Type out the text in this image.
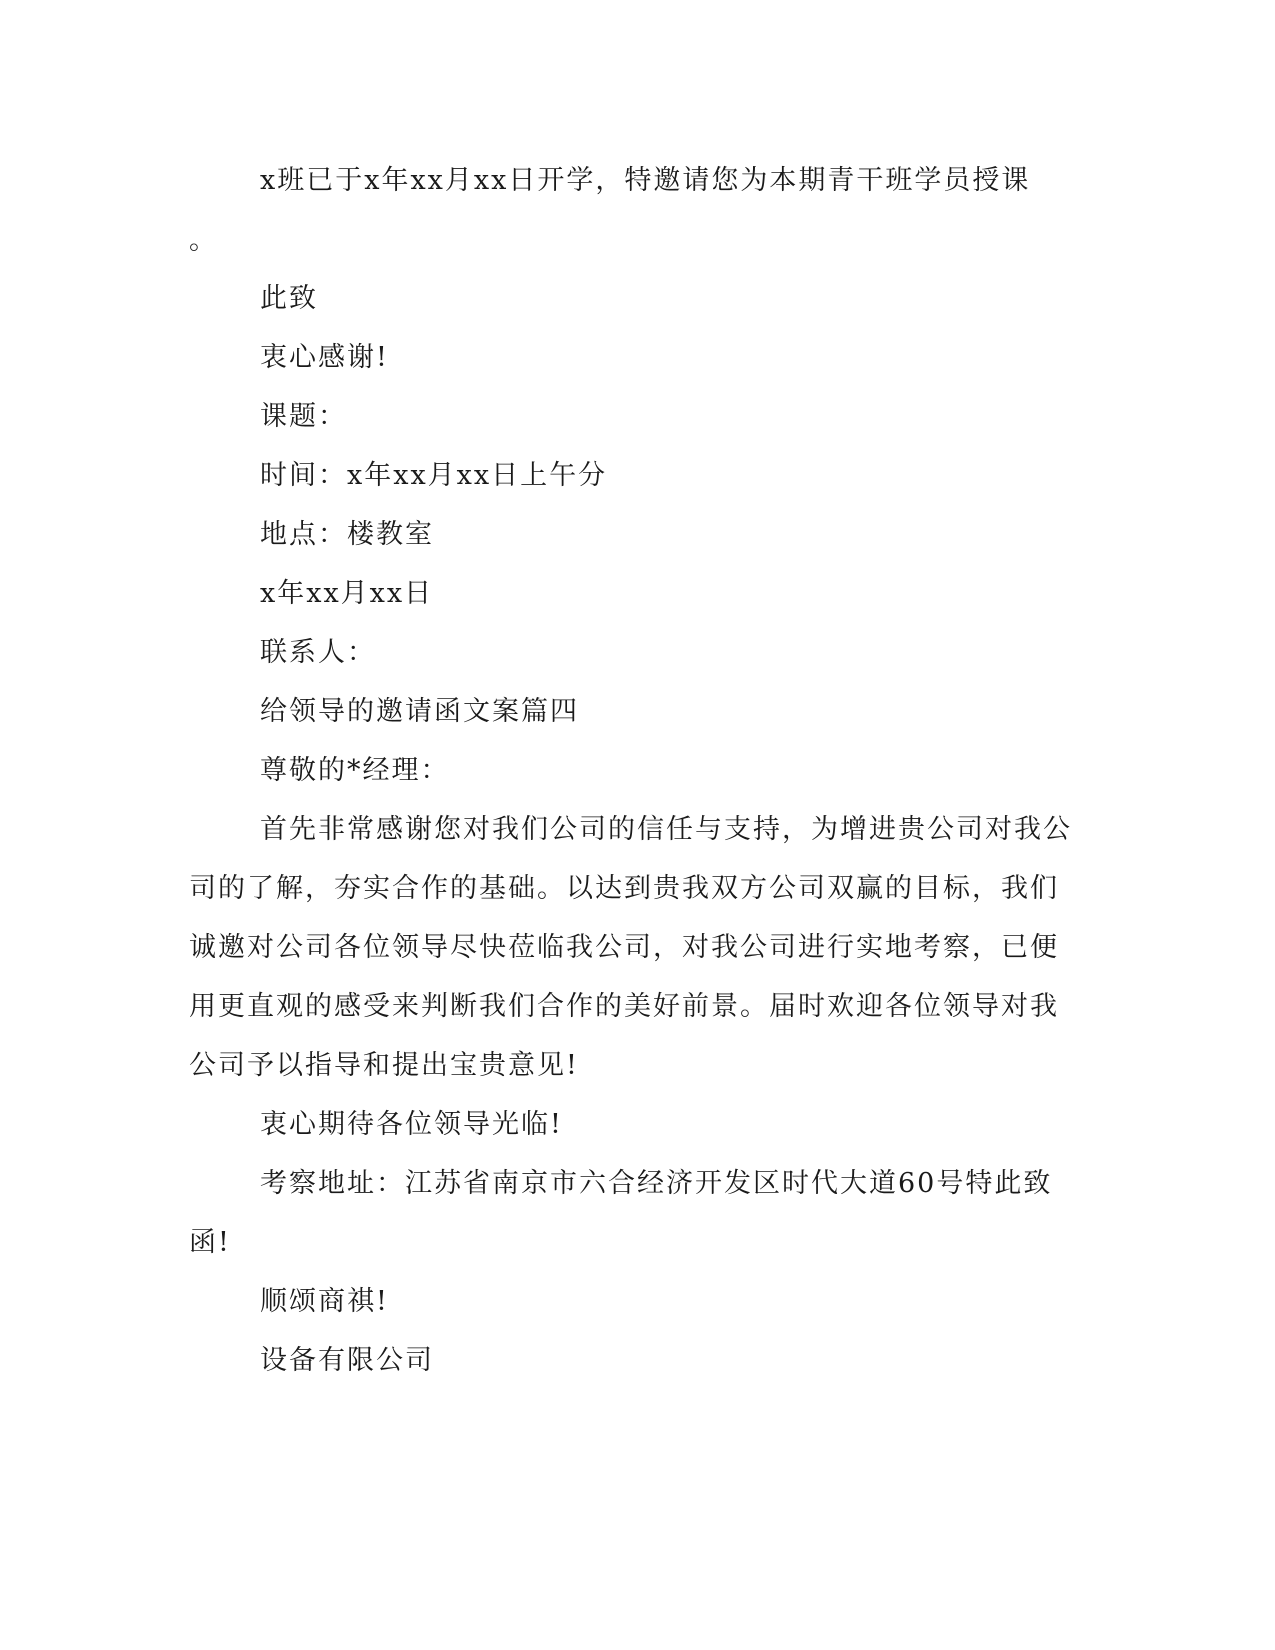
x班已于x年xx月xx日开学，特邀请您为本期青干班学员授课
。
此致
衷心感谢!
课题：
时间：x年xx月xx日上午分
地点：楼教室
x年xx月xx日
联系人：
给领导的邀请函文案篇四
尊敬的*经理：
首先非常感谢您对我们公司的信任与支持，为增进贵公司对我公
司的了解，夯实合作的基础。以达到贵我双方公司双赢的目标，我们
诚邀对公司各位领导尽快莅临我公司，对我公司进行实地考察，已便
用更直观的感受来判断我们合作的美好前景。届时欢迎各位领导对我
公司予以指导和提出宝贵意见!
衷心期待各位领导光临!
考察地址：江苏省南京市六合经济开发区时代大道60号特此致
函!
顺颂商祺!
设备有限公司
